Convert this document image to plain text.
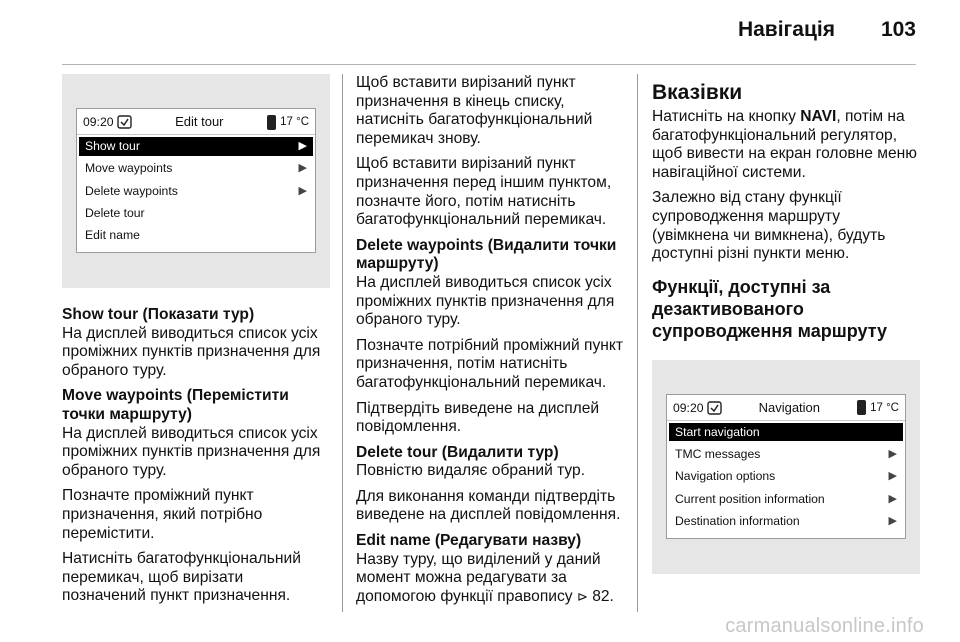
Навігація 103
09:20	Edit tour	17 °C
Show tour	▶
Move waypoints	▶
Delete waypoints	▶
Delete tour
Edit name
Show tour (Показати тур)

На дисплей виводиться список усіх проміжних пунктів призначення для обраного туру.

Move waypoints (Перемістити точки маршруту)

На дисплей виводиться список усіх проміжних пунктів призначення для обраного туру.

Позначте проміжний пункт призначення, який потрібно перемістити.

Натисніть багатофункціональний перемикач, щоб вирізати позначений пункт призначення.

Щоб вставити вирізаний пункт призначення в кінець списку, натисніть багатофункціональний перемикач знову.

Щоб вставити вирізаний пункт призначення перед іншим пунктом, позначте його, потім натисніть багатофункціональний перемикач.

Delete waypoints (Видалити точки маршруту)

На дисплей виводиться список усіх проміжних пунктів призначення для обраного туру.

Позначте потрібний проміжний пункт призначення, потім натисніть багатофункціональний перемикач.

Підтвердіть виведене на дисплей повідомлення.

Delete tour (Видалити тур)

Повністю видаляє обраний тур.

Для виконання команди підтвердіть виведене на дисплей повідомлення.

Edit name (Редагувати назву)

Назву туру, що виділений у даний момент можна редагувати за допомогою функції правопису ⊳ 82.

Вказівки

Натисніть на кнопку NAVI, потім на багатофункціональний регулятор, щоб вивести на екран головне меню навігаційної системи.

Залежно від стану функції супроводження маршруту (увімкнена чи вимкнена), будуть доступні різні пункти меню.

Функції, доступні за дезактивованого супроводження маршруту
09:20	Navigation	17 °C
Start navigation
TMC messages	▶
Navigation options	▶
Current position information	▶
Destination information	▶
carmanualsonline.info
